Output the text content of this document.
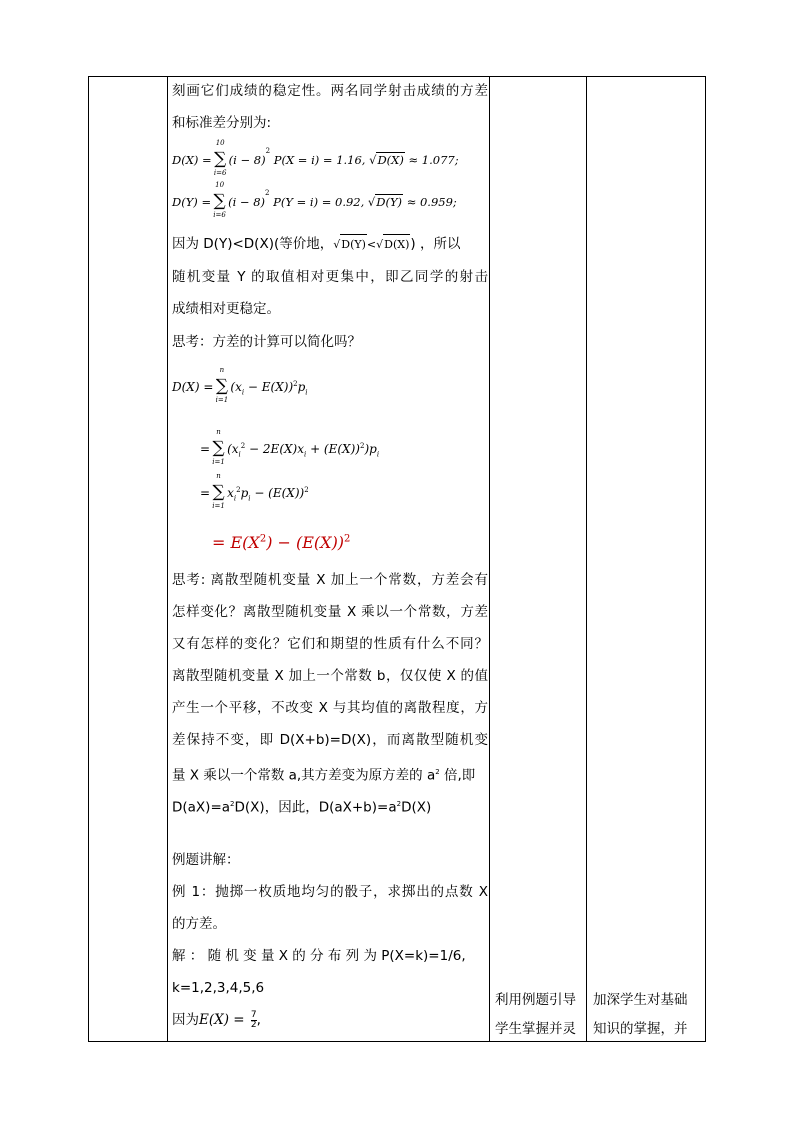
刻画它们成绩的稳定性。两名同学射击成绩的方差
和标准差分别为:
D(X) = ∑
10
i=6
$(i - 8)^2$ P(X = i) = 1.16, √D(X) ≈ 1.077;
D(Y) = ∑
10
i=6
$(i - 8)^2$ P(Y = i) = 0.92, √D(Y) ≈ 0.959;
因为 D(Y)<D(X)(等价地，√D(Y)<√D(X)) ，所以
随机变量 Y 的取值相对更集中，即乙同学的射击
成绩相对更稳定。
思考：方差的计算可以简化吗？
D(X) = ∑
n
i=1
$(x_i - E(X))^2p_i$
= ∑
n
i=1
$(x_i^2 - 2E(X)x_i + (E(X))^2)p_i$
= ∑
n
i=1
$x_i^2p_i - (E(X))^2$
= $E(X^2) - (E(X))^2$
思考: 离散型随机变量 X 加上一个常数，方差会有
怎样变化？离散型随机变量 X 乘以一个常数，方差
又有怎样的变化？它们和期望的性质有什么不同？
离散型随机变量 X 加上一个常数 b，仅仅使 X 的值
产生一个平移，不改变 X 与其均值的离散程度，方
差保持不变，即 D(X+b)=D(X)，而离散型随机变
量 X 乘以一个常数 a,其方差变为原方差的 $a^2$ 倍,即
$D(aX)=a^2D(X)$，因此，$D(aX+b)=a^2D(X)$
例题讲解：
例 1：抛掷一枚质地均匀的骰子，求掷出的点数 X
的方差。
解 ： 随 机 变 量 X 的 分 布 列 为 P(X=k)=1/6,
k=1,2,3,4,5,6
因为$E(X) = \frac{7}{2}$ ,
利用例题引导
学生掌握并灵
加深学生对基础
知识的掌握，并
